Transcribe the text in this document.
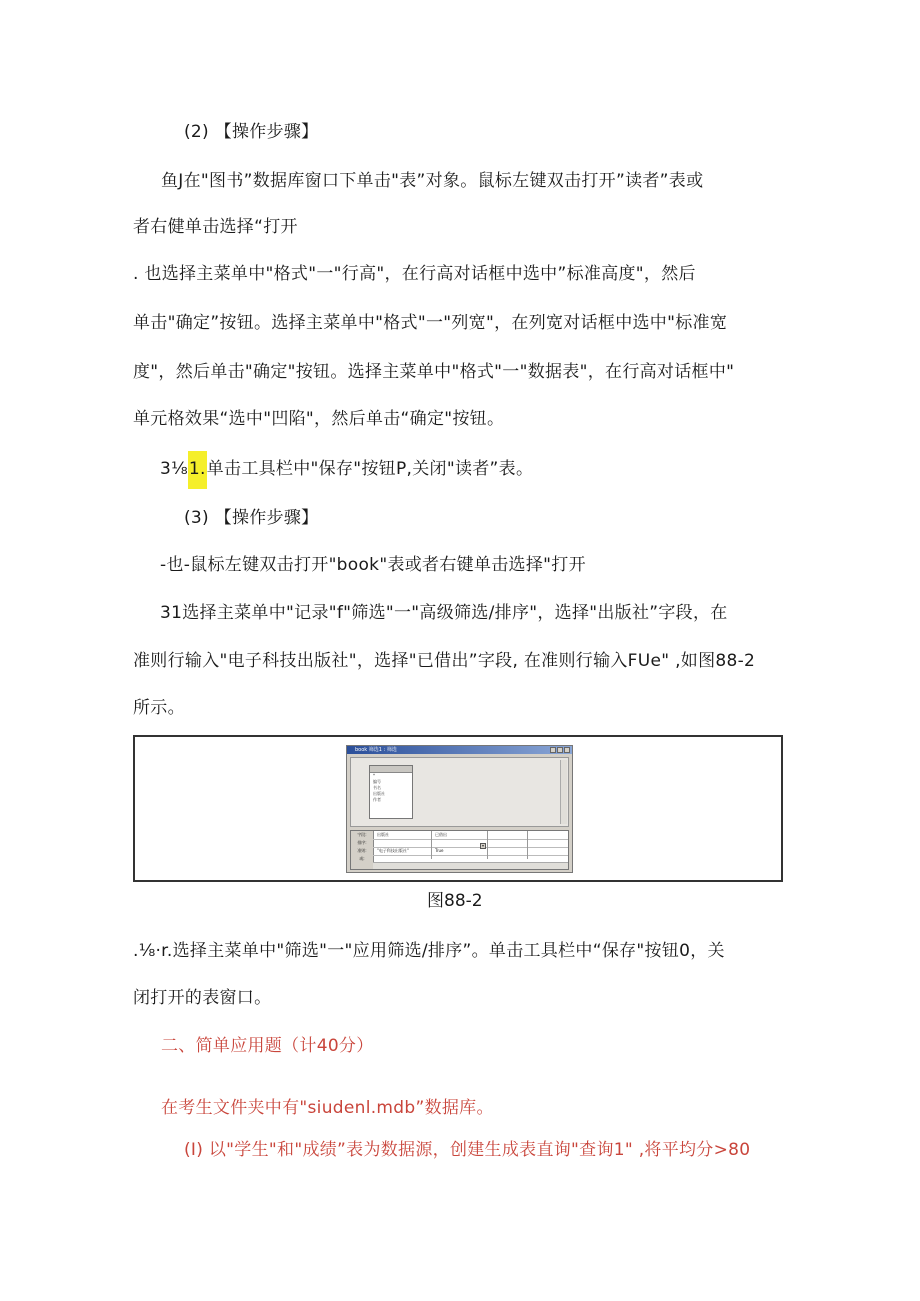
(2) 【操作步骤】
鱼J在"图书”数据库窗口下单击"表”对象。鼠标左键双击打开”读者”表或
者右健单击选择“打开
. 也选择主菜单中"格式"一"行高"，在行高对话框中选中”标准高度"，然后
单击"确定”按钮。选择主菜单中"格式"一"列宽"，在列宽对话框中选中"标准宽
度"，然后单击"确定"按钮。选择主菜单中"格式"一"数据表"，在行高对话框中"
单元格效果“选中"凹陷"，然后单击“确定"按钮。
3⅛1.单击工具栏中"保存"按钮P,关闭"读者”表。
(3) 【操作步骤】
-也-鼠标左键双击打开"book"表或者右键单击选择"打开
31选择主菜单中"记录"f"筛选"一"高级筛选/排序"，选择"出版社”字段，在
准则行输入"电子科技出版社"，选择"已借出”字段, 在准则行输入FUe" ,如图88-2
所示。
book 筛选1 : 筛选
*
编号
书名
出版社
作者
字段:
排序:
准则:
或:
出版社	已借出
▾
"电子科技出版社"	True
图88-2
.⅛·r.选择主菜单中"筛选"一"应用筛选/排序”。单击工具栏中“保存"按钮0，关
闭打开的表窗口。
二、简单应用题（计40分）
在考生文件夹中有"siudenl.mdb”数据库。
(I) 以"学生"和"成绩”表为数据源，创建生成表直询"查询1" ,将平均分>80
